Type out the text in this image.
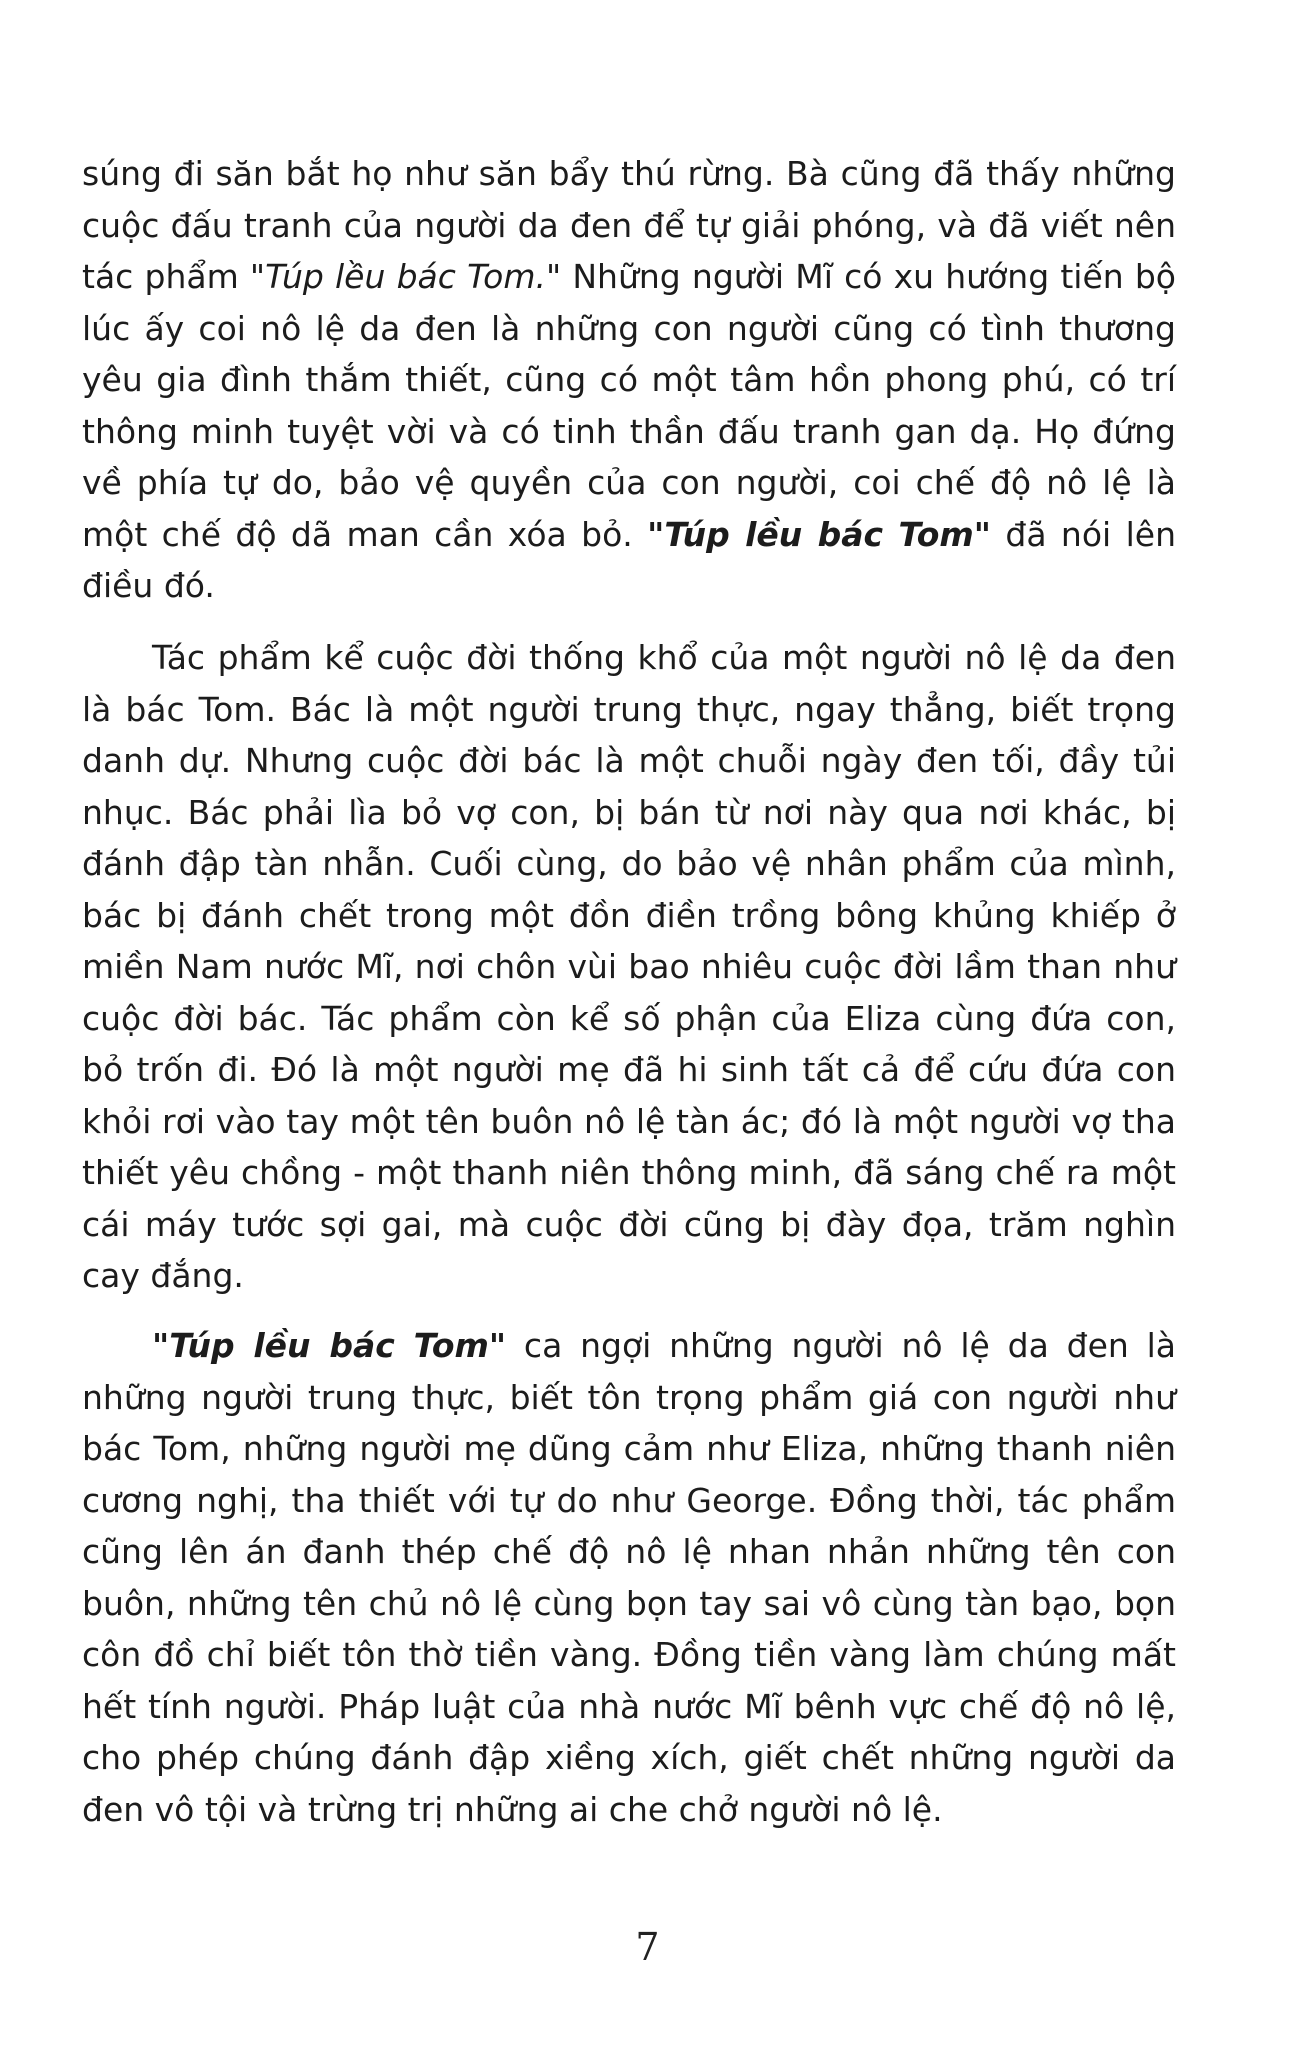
súng đi săn bắt họ như săn bẩy thú rừng. Bà cũng đã thấy những cuộc đấu tranh của người da đen để tự giải phóng, và đã viết nên tác phẩm "Túp lều bác Tom." Những người Mĩ có xu hướng tiến bộ lúc ấy coi nô lệ da đen là những con người cũng có tình thương yêu gia đình thắm thiết, cũng có một tâm hồn phong phú, có trí thông minh tuyệt vời và có tinh thần đấu tranh gan dạ. Họ đứng về phía tự do, bảo vệ quyền của con người, coi chế độ nô lệ là một chế độ dã man cần xóa bỏ. "Túp lều bác Tom" đã nói lên điều đó.

Tác phẩm kể cuộc đời thống khổ của một người nô lệ da đen là bác Tom. Bác là một người trung thực, ngay thẳng, biết trọng danh dự. Nhưng cuộc đời bác là một chuỗi ngày đen tối, đầy tủi nhục. Bác phải lìa bỏ vợ con, bị bán từ nơi này qua nơi khác, bị đánh đập tàn nhẫn. Cuối cùng, do bảo vệ nhân phẩm của mình, bác bị đánh chết trong một đồn điền trồng bông khủng khiếp ở miền Nam nước Mĩ, nơi chôn vùi bao nhiêu cuộc đời lầm than như cuộc đời bác. Tác phẩm còn kể số phận của Eliza cùng đứa con, bỏ trốn đi. Đó là một người mẹ đã hi sinh tất cả để cứu đứa con khỏi rơi vào tay một tên buôn nô lệ tàn ác; đó là một người vợ tha thiết yêu chồng - một thanh niên thông minh, đã sáng chế ra một cái máy tước sợi gai, mà cuộc đời cũng bị đày đọa, trăm nghìn cay đắng.

"Túp lều bác Tom" ca ngợi những người nô lệ da đen là những người trung thực, biết tôn trọng phẩm giá con người như bác Tom, những người mẹ dũng cảm như Eliza, những thanh niên cương nghị, tha thiết với tự do như George. Đồng thời, tác phẩm cũng lên án đanh thép chế độ nô lệ nhan nhản những tên con buôn, những tên chủ nô lệ cùng bọn tay sai vô cùng tàn bạo, bọn côn đồ chỉ biết tôn thờ tiền vàng. Đồng tiền vàng làm chúng mất hết tính người. Pháp luật của nhà nước Mĩ bênh vực chế độ nô lệ, cho phép chúng đánh đập xiềng xích, giết chết những người da đen vô tội và trừng trị những ai che chở người nô lệ.

7
